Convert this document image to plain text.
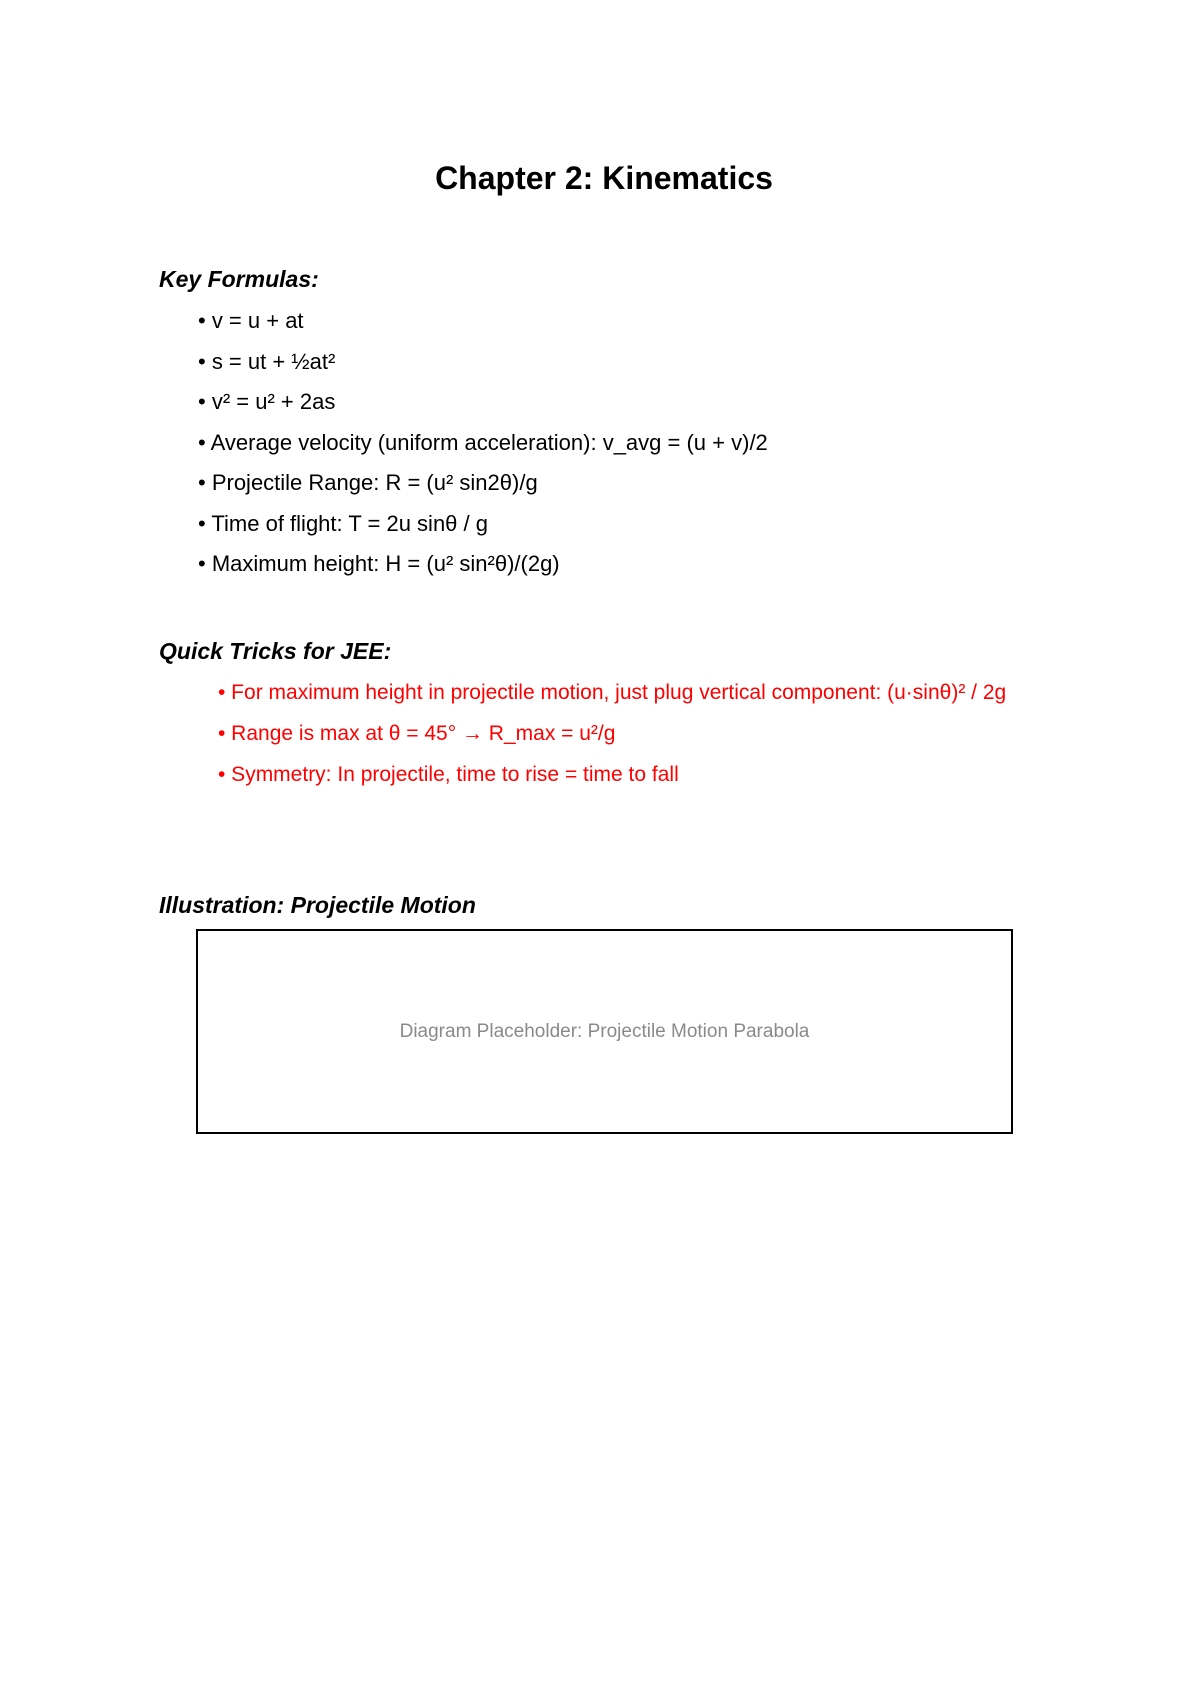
Chapter 2: Kinematics
Key Formulas:
• v = u + at
• s = ut + ½at²
• v² = u² + 2as
• Average velocity (uniform acceleration): v_avg = (u + v)/2
• Projectile Range: R = (u² sin2θ)/g
• Time of flight: T = 2u sinθ / g
• Maximum height: H = (u² sin²θ)/(2g)
Quick Tricks for JEE:
• For maximum height in projectile motion, just plug vertical component: (u·sinθ)² / 2g
• Range is max at θ = 45° → R_max = u²/g
• Symmetry: In projectile, time to rise = time to fall
Illustration: Projectile Motion
Diagram Placeholder: Projectile Motion Parabola
